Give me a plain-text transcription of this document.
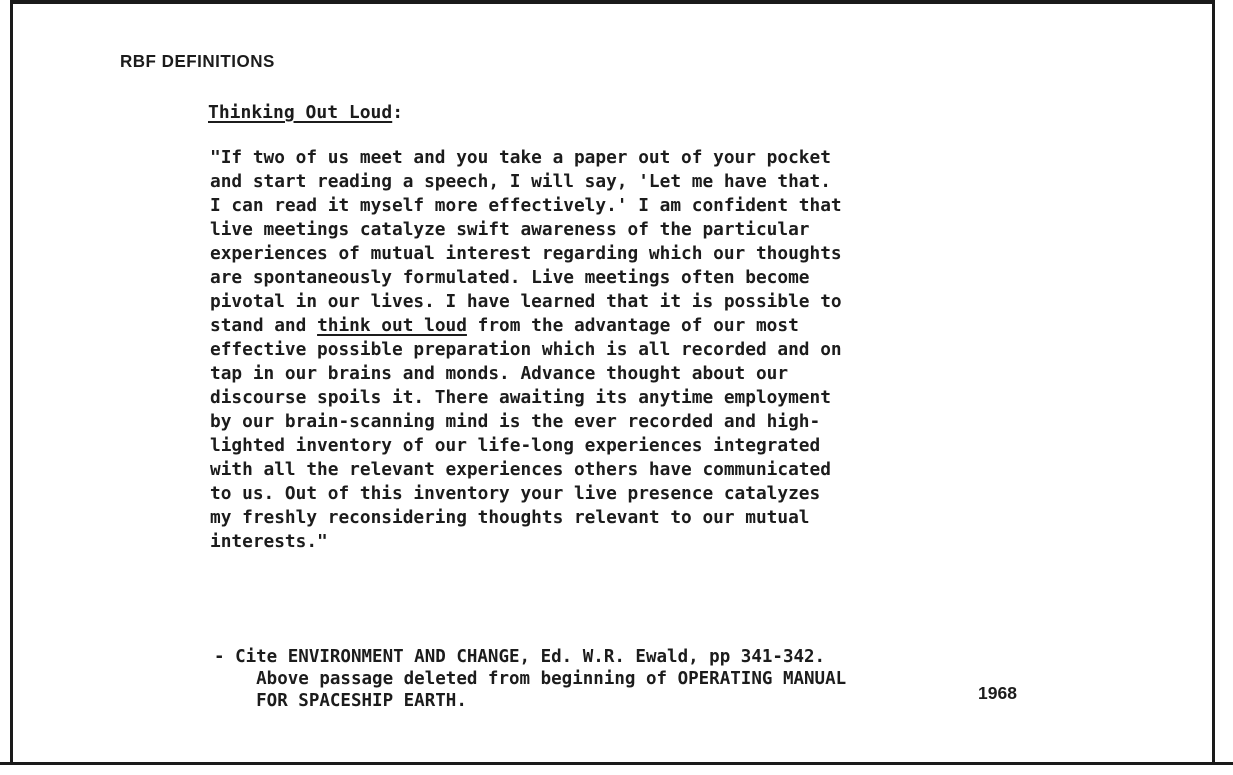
RBF DEFINITIONS
Thinking Out Loud:
"If two of us meet and you take a paper out of your pocket
and start reading a speech, I will say, 'Let me have that.
I can read it myself more effectively.' I am confident that
live meetings catalyze swift awareness of the particular
experiences of mutual interest regarding which our thoughts
are spontaneously formulated. Live meetings often become
pivotal in our lives. I have learned that it is possible to
stand and think out loud from the advantage of our most
effective possible preparation which is all recorded and on
tap in our brains and monds. Advance thought about our
discourse spoils it. There awaiting its anytime employment
by our brain-scanning mind is the ever recorded and high-
lighted inventory of our life-long experiences integrated
with all the relevant experiences others have communicated
to us. Out of this inventory your live presence catalyzes
my freshly reconsidering thoughts relevant to our mutual
interests."
- Cite ENVIRONMENT AND CHANGE, Ed. W.R. Ewald, pp 341-342.
Above passage deleted from beginning of OPERATING MANUAL
FOR SPACESHIP EARTH.	1968
